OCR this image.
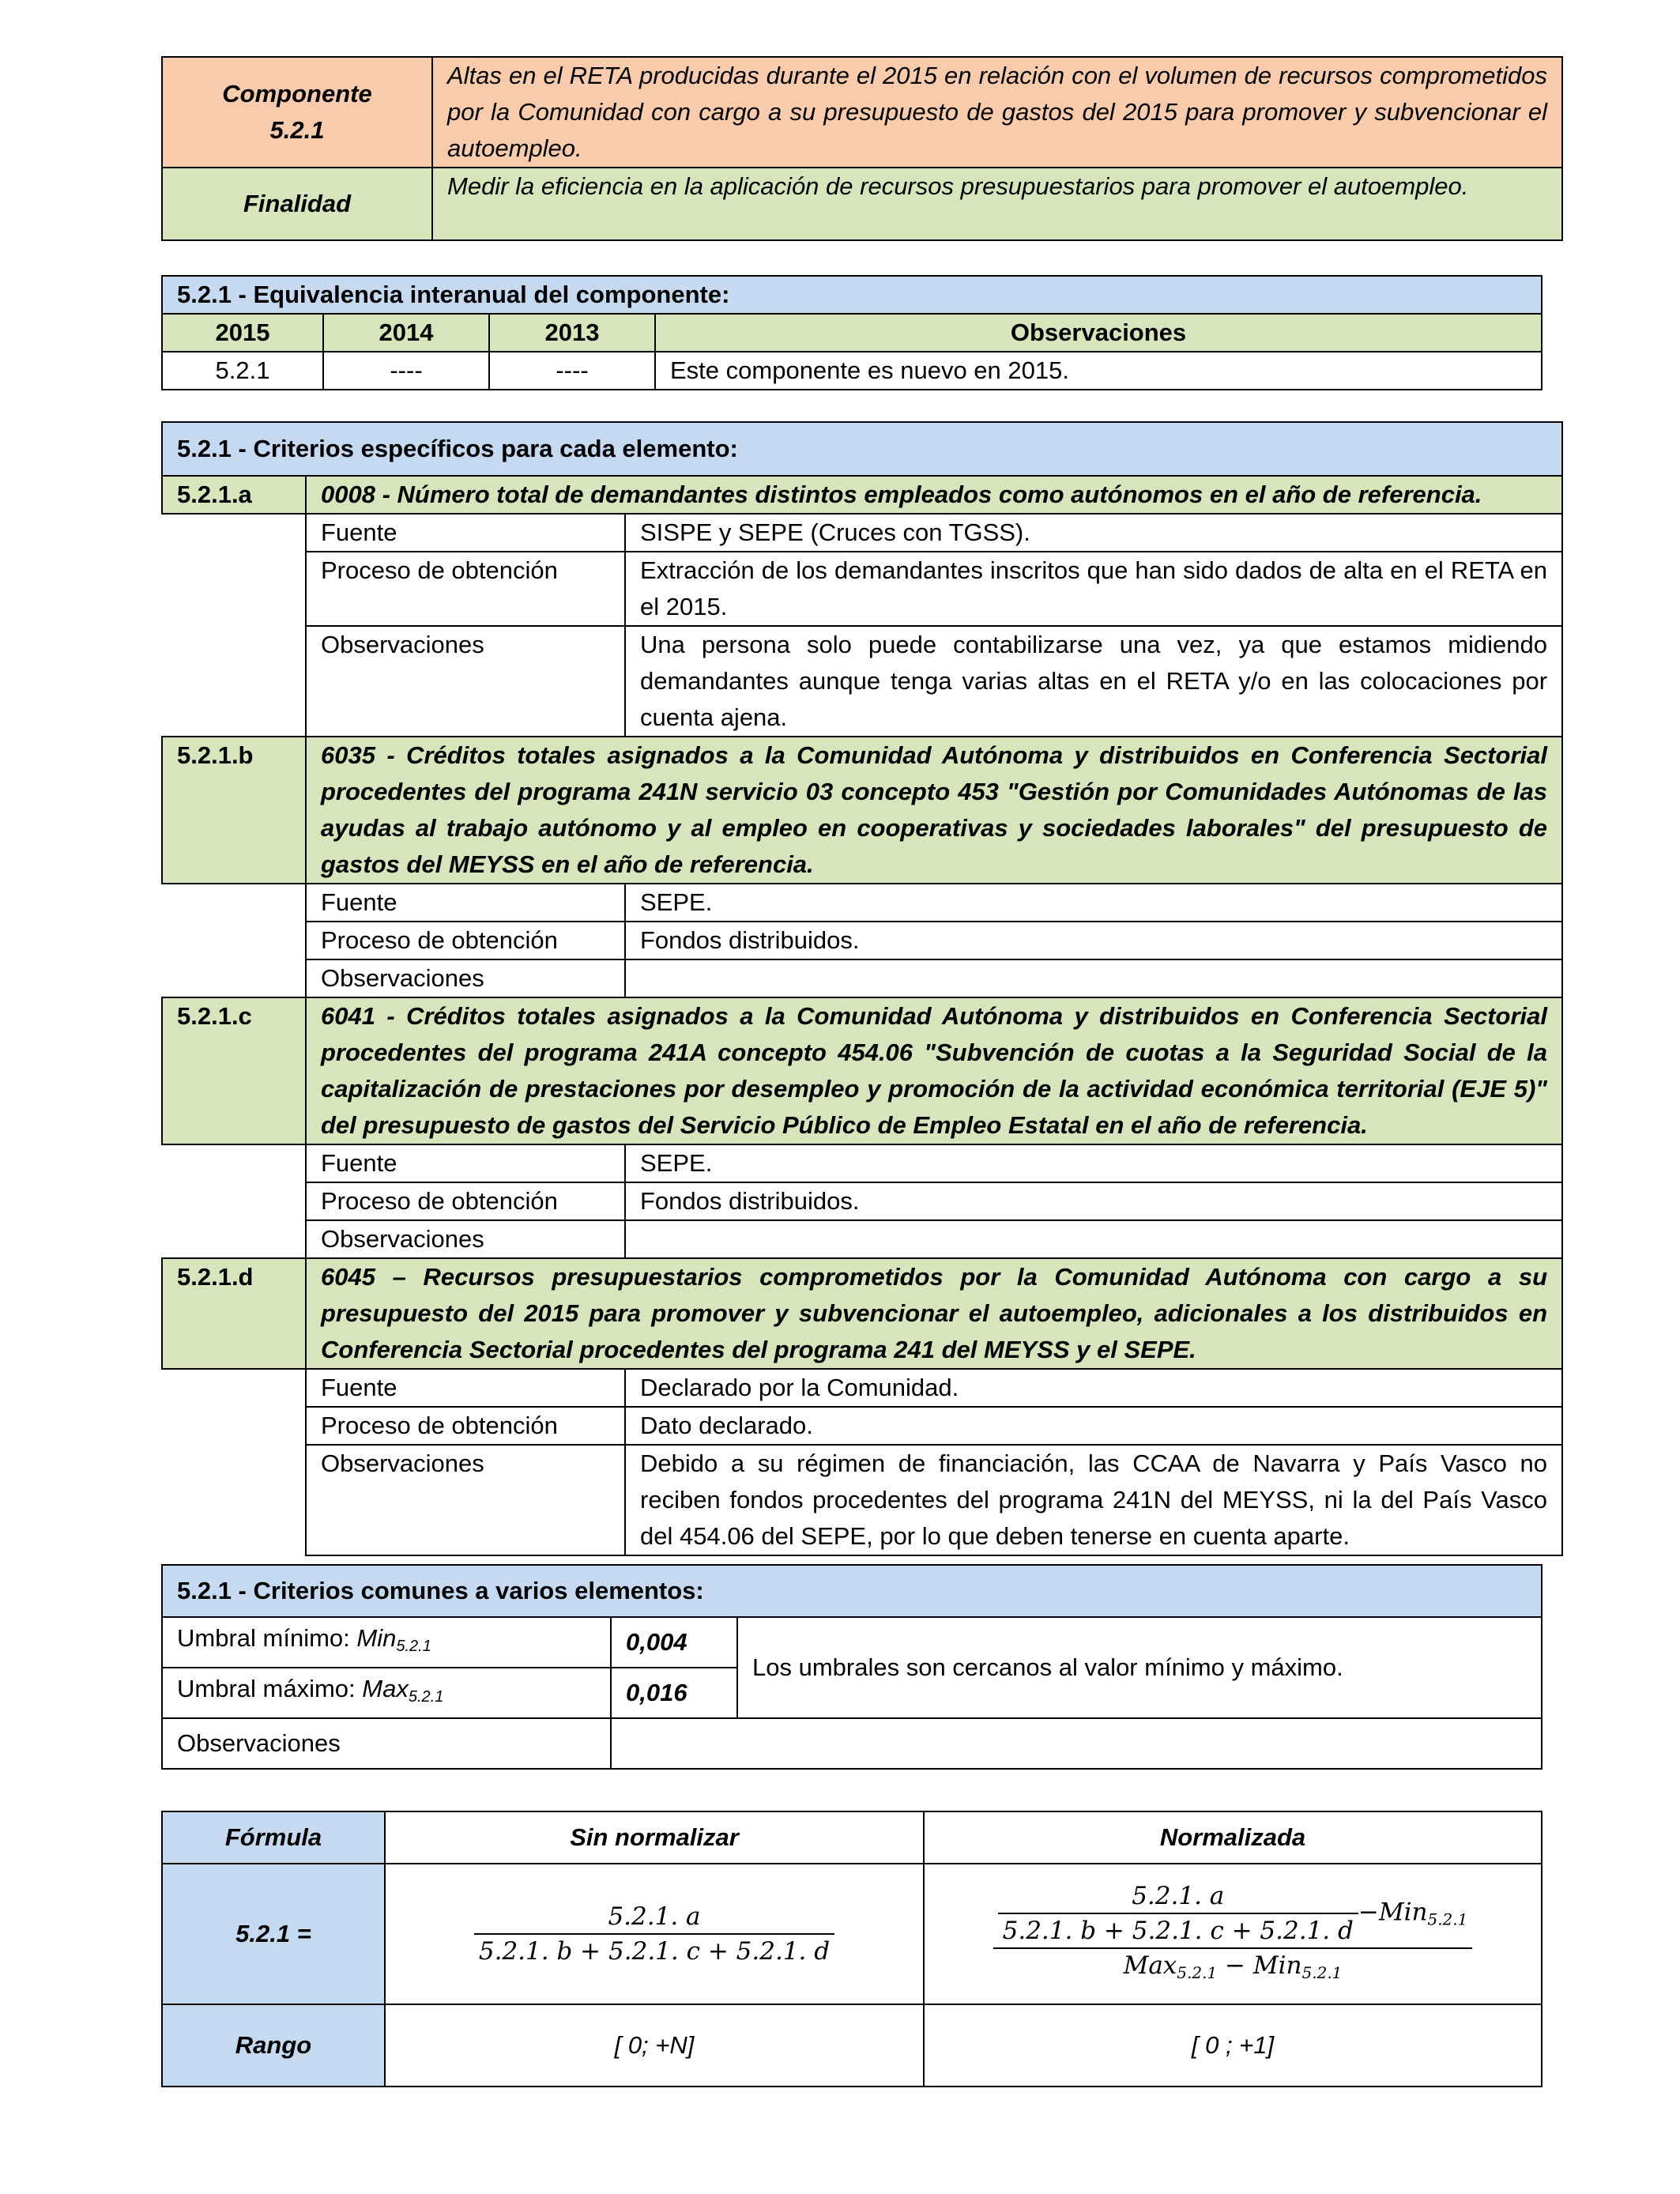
Componente
5.2.1	Altas en el RETA producidas durante el 2015 en relación con el volumen de recursos comprometidos por la Comunidad con cargo a su presupuesto de gastos del 2015 para promover y subvencionar el autoempleo.
Finalidad	Medir la eficiencia en la aplicación de recursos presupuestarios para promover el autoempleo.
5.2.1 - Equivalencia interanual del componente:			
2015	2014	2013	Observaciones
5.2.1	----	----	Este componente es nuevo en 2015.
5.2.1 - Criterios específicos para cada elemento:		
5.2.1.a	0008 - Número total de demandantes distintos empleados como autónomos en el año de referencia.	
	Fuente	SISPE y SEPE (Cruces con TGSS).
	Proceso de obtención	Extracción de los demandantes inscritos que han sido dados de alta en el RETA en el 2015.
	Observaciones	Una persona solo puede contabilizarse una vez, ya que estamos midiendo demandantes aunque tenga varias altas en el RETA y/o en las colocaciones por cuenta ajena.
5.2.1.b	6035 - Créditos totales asignados a la Comunidad Autónoma y distribuidos en Conferencia Sectorial procedentes del programa 241N servicio 03 concepto 453 "Gestión por Comunidades Autónomas de las ayudas al trabajo autónomo y al empleo en cooperativas y sociedades laborales" del presupuesto de gastos del MEYSS en el año de referencia.	
	Fuente	SEPE.
	Proceso de obtención	Fondos distribuidos.
	Observaciones	
5.2.1.c	6041 - Créditos totales asignados a la Comunidad Autónoma y distribuidos en Conferencia Sectorial procedentes del programa 241A concepto 454.06 "Subvención de cuotas a la Seguridad Social de la capitalización de prestaciones por desempleo y promoción de la actividad económica territorial (EJE 5)" del presupuesto de gastos del Servicio Público de Empleo Estatal en el año de referencia.	
	Fuente	SEPE.
	Proceso de obtención	Fondos distribuidos.
	Observaciones	
5.2.1.d	6045 – Recursos presupuestarios comprometidos por la Comunidad Autónoma con cargo a su presupuesto del 2015 para promover y subvencionar el autoempleo, adicionales a los distribuidos en Conferencia Sectorial procedentes del programa 241 del MEYSS y el SEPE.	
	Fuente	Declarado por la Comunidad.
	Proceso de obtención	Dato declarado.
	Observaciones	Debido a su régimen de financiación, las CCAA de Navarra y País Vasco no reciben fondos procedentes del programa 241N del MEYSS, ni la del País Vasco del 454.06 del SEPE, por lo que deben tenerse en cuenta aparte.
5.2.1 - Criterios comunes a varios elementos:		
Umbral mínimo: Min$_{5.2.1}$	0,004	Los umbrales son cercanos al valor mínimo y máximo.
Umbral máximo: Max$_{5.2.1}$	0,016	
Observaciones		
Fórmula	Sin normalizar	Normalizada
5.2.1 =	$\frac{5.2.1. a}{5.2.1. b + 5.2.1. c + 5.2.1. d}$	$\frac{5.2.1. a}{5.2.1. b + 5.2.1. c + 5.2.1. d} -Min_{5.2.1}$
Max$_{5.2.1}$ − Min$_{5.2.1}$

Rango	[ 0; +N]	[ 0 ; +1]
